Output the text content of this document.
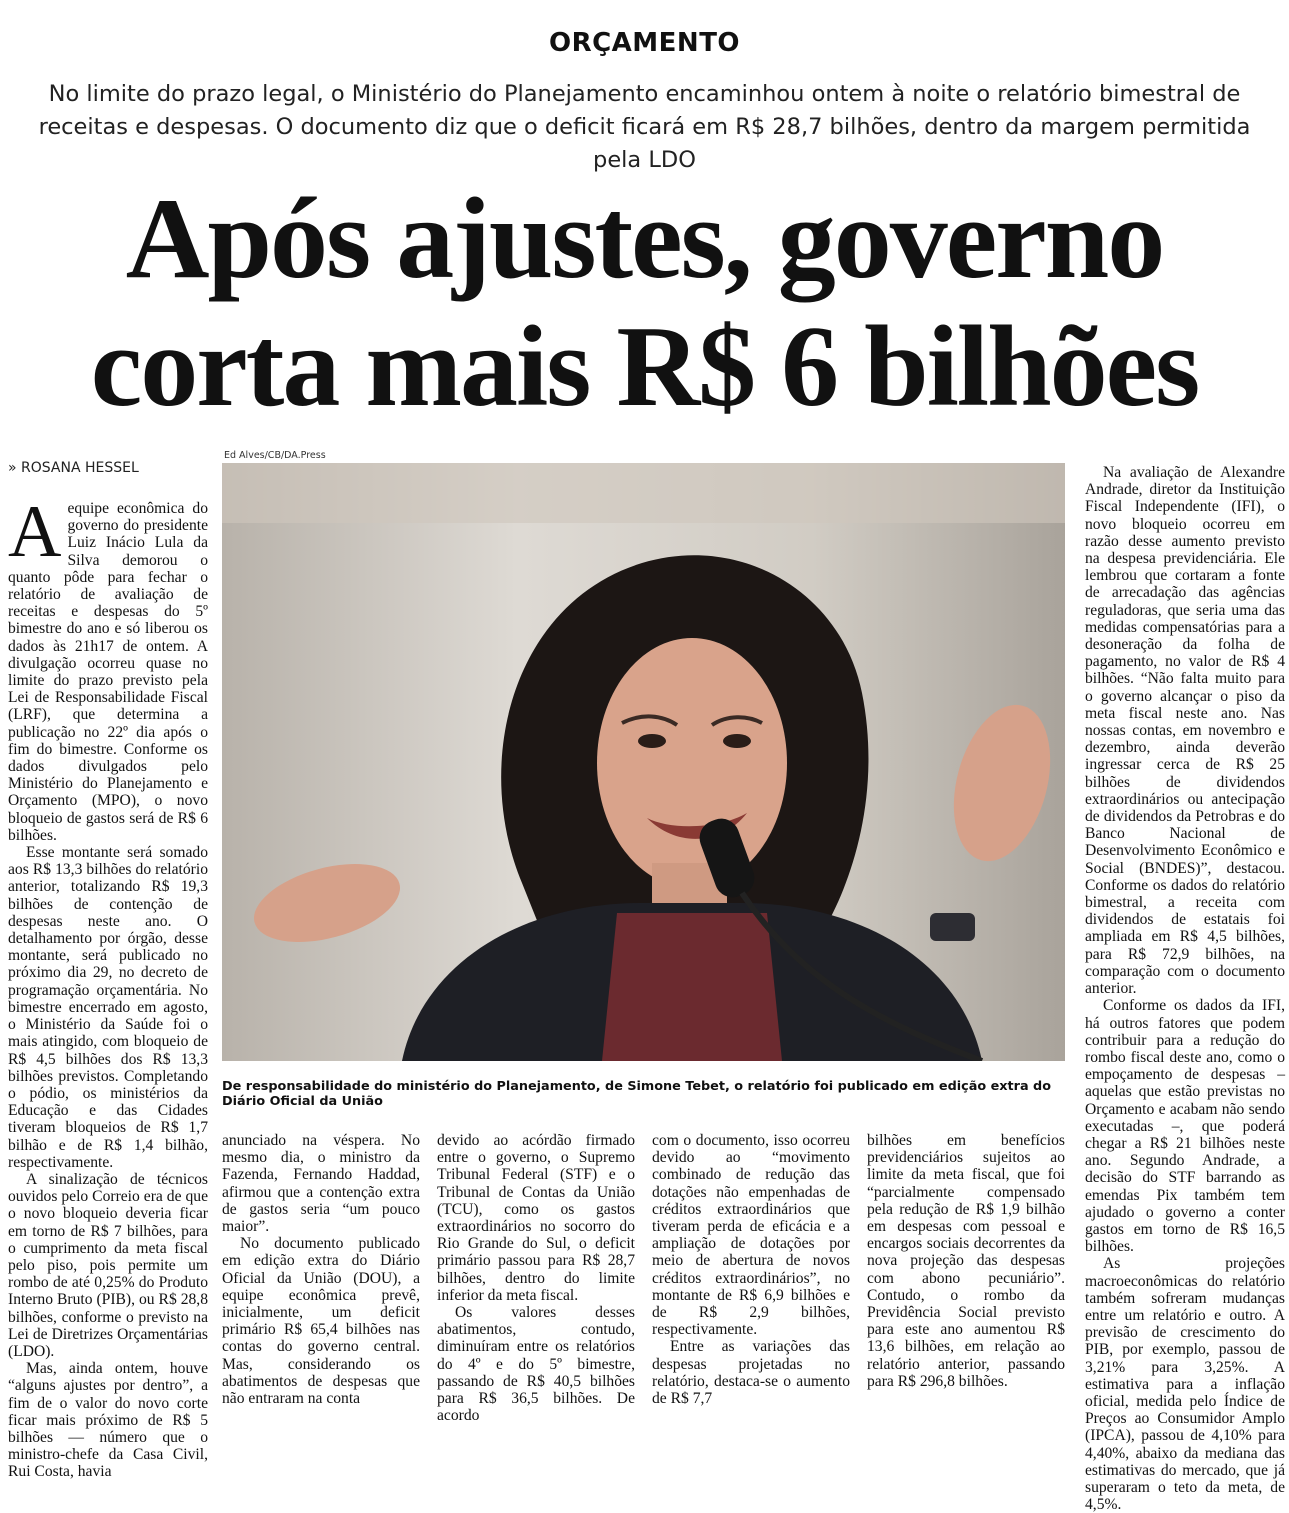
ORÇAMENTO
No limite do prazo legal, o Ministério do Planejamento encaminhou ontem à noite o relatório bimestral de receitas e despesas. O documento diz que o deficit ficará em R$ 28,7 bilhões, dentro da margem permitida pela LDO
Após ajustes, governo
corta mais R$ 6 bilhões
» ROSANA HESSEL
Ed Alves/CB/DA.Press
De responsabilidade do ministério do Planejamento, de Simone Tebet, o relatório foi publicado em edição extra do Diário Oficial da União

Aequipe econômica do governo do presidente Luiz Inácio Lula da Silva demorou o quanto pôde para fechar o relatório de avaliação de receitas e despesas do 5º bimestre do ano e só liberou os dados às 21h17 de ontem. A divulgação ocorreu quase no limite do prazo previsto pela Lei de Responsabilidade Fiscal (LRF), que determina a publicação no 22º dia após o fim do bimestre. Conforme os dados divulgados pelo Ministério do Planejamento e Orçamento (MPO), o novo bloqueio de gastos será de R$ 6 bilhões.

Esse montante será somado aos R$ 13,3 bilhões do relatório anterior, totalizando R$ 19,3 bilhões de contenção de despesas neste ano. O detalhamento por órgão, desse montante, será publicado no próximo dia 29, no decreto de programação orçamentária. No bimestre encerrado em agosto, o Ministério da Saúde foi o mais atingido, com bloqueio de R$ 4,5 bilhões dos R$ 13,3 bilhões previstos. Completando o pódio, os ministérios da Educação e das Cidades tiveram bloqueios de R$ 1,7 bilhão e de R$ 1,4 bilhão, respectivamente.

A sinalização de técnicos ouvidos pelo Correio era de que o novo bloqueio deveria ficar em torno de R$ 7 bilhões, para o cumprimento da meta fiscal pelo piso, pois permite um rombo de até 0,25% do Produto Interno Bruto (PIB), ou R$ 28,8 bilhões, conforme o previsto na Lei de Diretrizes Orçamentárias (LDO).

Mas, ainda ontem, houve “alguns ajustes por dentro”, a fim de o valor do novo corte ficar mais próximo de R$ 5 bilhões — número que o ministro-chefe da Casa Civil, Rui Costa, havia

anunciado na véspera. No mesmo dia, o ministro da Fazenda, Fernando Haddad, afirmou que a contenção extra de gastos seria “um pouco maior”.

No documento publicado em edição extra do Diário Oficial da União (DOU), a equipe econômica prevê, inicialmente, um deficit primário R$ 65,4 bilhões nas contas do governo central. Mas, considerando os abatimentos de despesas que não entraram na conta

devido ao acórdão firmado entre o governo, o Supremo Tribunal Federal (STF) e o Tribunal de Contas da União (TCU), como os gastos extraordinários no socorro do Rio Grande do Sul, o deficit primário passou para R$ 28,7 bilhões, dentro do limite inferior da meta fiscal.

Os valores desses abatimentos, contudo, diminuíram entre os relatórios do 4º e do 5º bimestre, passando de R$ 40,5 bilhões para R$ 36,5 bilhões. De acordo

com o documento, isso ocorreu devido ao “movimento combinado de redução das dotações não empenhadas de créditos extraordinários que tiveram perda de eficácia e a ampliação de dotações por meio de abertura de novos créditos extraordinários”, no montante de R$ 6,9 bilhões e de R$ 2,9 bilhões, respectivamente.

Entre as variações das despesas projetadas no relatório, destaca-se o aumento de R$ 7,7

bilhões em benefícios previdenciários sujeitos ao limite da meta fiscal, que foi “parcialmente compensado pela redução de R$ 1,9 bilhão em despesas com pessoal e encargos sociais decorrentes da nova projeção das despesas com abono pecuniário”. Contudo, o rombo da Previdência Social previsto para este ano aumentou R$ 13,6 bilhões, em relação ao relatório anterior, passando para R$ 296,8 bilhões.

Na avaliação de Alexandre Andrade, diretor da Instituição Fiscal Independente (IFI), o novo bloqueio ocorreu em razão desse aumento previsto na despesa previdenciária. Ele lembrou que cortaram a fonte de arrecadação das agências reguladoras, que seria uma das medidas compensatórias para a desoneração da folha de pagamento, no valor de R$ 4 bilhões. “Não falta muito para o governo alcançar o piso da meta fiscal neste ano. Nas nossas contas, em novembro e dezembro, ainda deverão ingressar cerca de R$ 25 bilhões de dividendos extraordinários ou antecipação de dividendos da Petrobras e do Banco Nacional de Desenvolvimento Econômico e Social (BNDES)”, destacou. Conforme os dados do relatório bimestral, a receita com dividendos de estatais foi ampliada em R$ 4,5 bilhões, para R$ 72,9 bilhões, na comparação com o documento anterior.

Conforme os dados da IFI, há outros fatores que podem contribuir para a redução do rombo fiscal deste ano, como o empoçamento de despesas – aquelas que estão previstas no Orçamento e acabam não sendo executadas –, que poderá chegar a R$ 21 bilhões neste ano. Segundo Andrade, a decisão do STF barrando as emendas Pix também tem ajudado o governo a conter gastos em torno de R$ 16,5 bilhões.

As projeções macroeconômicas do relatório também sofreram mudanças entre um relatório e outro. A previsão de crescimento do PIB, por exemplo, passou de 3,21% para 3,25%. A estimativa para a inflação oficial, medida pelo Índice de Preços ao Consumidor Amplo (IPCA), passou de 4,10% para 4,40%, abaixo da mediana das estimativas do mercado, que já superaram o teto da meta, de 4,5%.
